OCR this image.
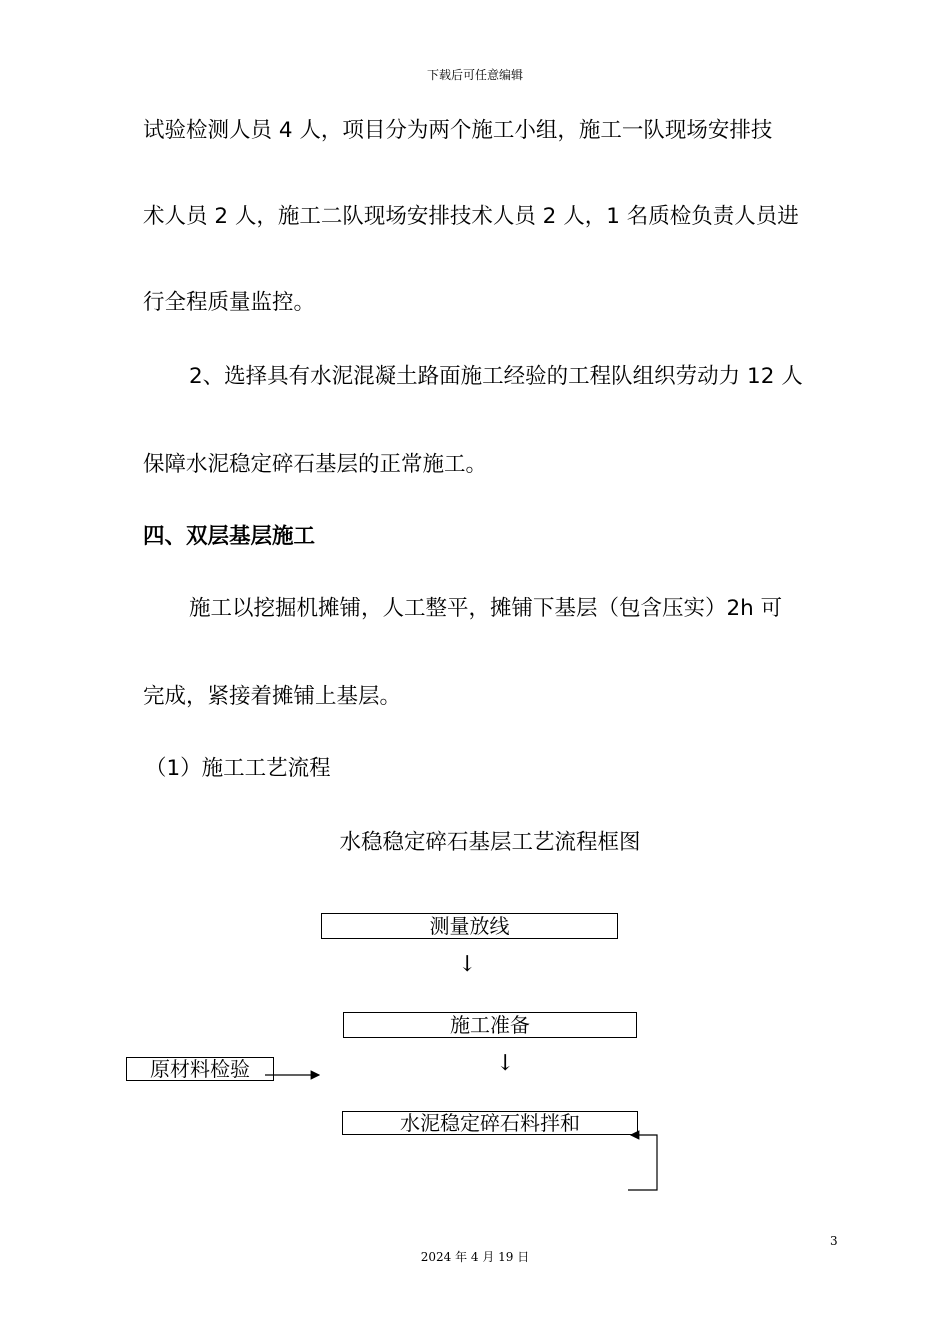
下载后可任意编辑
试验检测人员 4 人，项目分为两个施工小组，施工一队现场安排技
术人员 2 人，施工二队现场安排技术人员 2 人，1 名质检负责人员进
行全程质量监控。
2、选择具有水泥混凝土路面施工经验的工程队组织劳动力 12 人
保障水泥稳定碎石基层的正常施工。
四、双层基层施工
施工以挖掘机摊铺，人工整平，摊铺下基层（包含压实）2h 可
完成，紧接着摊铺上基层。
（1）施工工艺流程
水稳稳定碎石基层工艺流程框图
测量放线
↓
施工准备
↓
原材料检验
水泥稳定碎石料拌和
3
2024 年 4 月 19 日
